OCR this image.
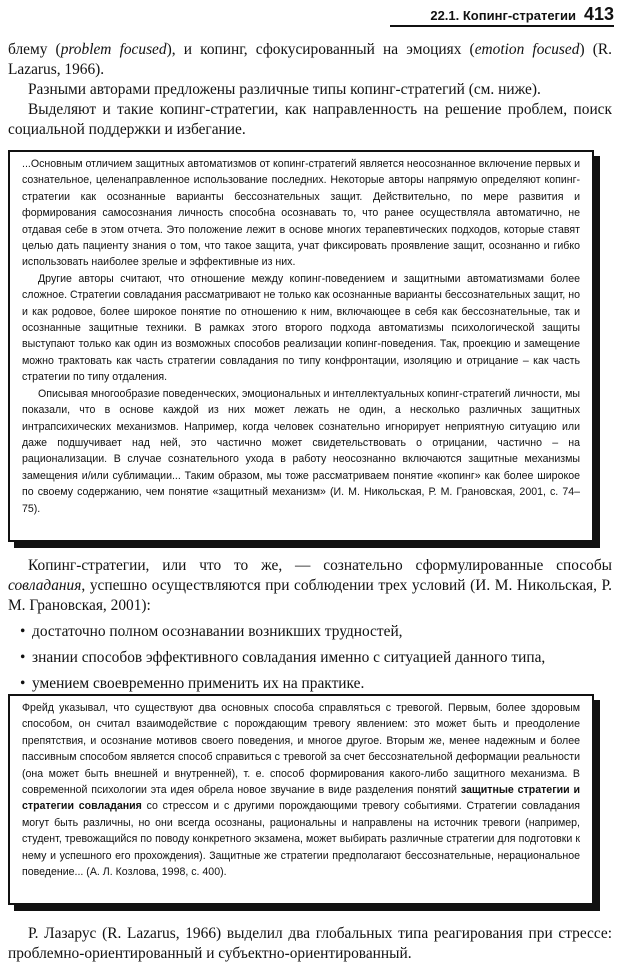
22.1. Копинг-стратегии 413

блему (problem focused), и копинг, сфокусированный на эмоциях (emotion focused) (R. Lazarus, 1966).

Разными авторами предложены различные типы копинг-стратегий (см. ниже).

Выделяют и такие копинг-стратегии, как направленность на решение проблем, поиск социальной поддержки и избегание.

...Основным отличием защитных автоматизмов от копинг-стратегий является неосознанное включение первых и сознательное, целенаправленное использование последних. Некоторые авторы напрямую определяют копинг-стратегии как осознанные варианты бессознательных защит. Действительно, по мере развития и формирования самосознания личность способна осознавать то, что ранее осуществляла автоматично, не отдавая себе в этом отчета. Это положение лежит в основе многих терапевтических подходов, которые ставят целью дать пациенту знания о том, что такое защита, учат фиксировать проявление защит, осознанно и гибко использовать наиболее зрелые и эффективные из них.

Другие авторы считают, что отношение между копинг-поведением и защитными автоматизмами более сложное. Стратегии совладания рассматривают не только как осознанные варианты бессознательных защит, но и как родовое, более широкое понятие по отношению к ним, включающее в себя как бессознательные, так и осознанные защитные техники. В рамках этого второго подхода автоматизмы психологической защиты выступают только как один из возможных способов реализации копинг-поведения. Так, проекцию и замещение можно трактовать как часть стратегии совладания по типу конфронтации, изоляцию и отрицание – как часть стратегии по типу отдаления.

Описывая многообразие поведенческих, эмоциональных и интеллектуальных копинг-стратегий личности, мы показали, что в основе каждой из них может лежать не один, а несколько различных защитных интрапсихических механизмов. Например, когда человек сознательно игнорирует неприятную ситуацию или даже подшучивает над ней, это частично может свидетельствовать о отрицании, частично – на рационализации. В случае сознательного ухода в работу неосознанно включаются защитные механизмы замещения и/или сублимации... Таким образом, мы тоже рассматриваем понятие «копинг» как более широкое по своему содержанию, чем понятие «защитный механизм» (И. М. Никольская, Р. М. Грановская, 2001, с. 74–75).

Копинг-стратегии, или что то же, — сознательно сформулированные способы совладания, успешно осуществляются при соблюдении трех условий (И. М. Никольская, Р. М. Грановская, 2001):

• достаточно полном осознавании возникших трудностей,
• знании способов эффективного совладания именно с ситуацией данного типа,
• умением своевременно применить их на практике.

Фрейд указывал, что существуют два основных способа справляться с тревогой. Первым, более здоровым способом, он считал взаимодействие с порождающим тревогу явлением: это может быть и преодоление препятствия, и осознание мотивов своего поведения, и многое другое. Вторым же, менее надежным и более пассивным способом является способ справиться с тревогой за счет бессознательной деформации реальности (она может быть внешней и внутренней), т. е. способ формирования какого-либо защитного механизма. В современной психологии эта идея обрела новое звучание в виде разделения понятий защитные стратегии и стратегии совладания со стрессом и с другими порождающими тревогу событиями. Стратегии совладания могут быть различны, но они всегда осознаны, рациональны и направлены на источник тревоги (например, студент, тревожащийся по поводу конкретного экзамена, может выбирать различные стратегии для подготовки к нему и успешного его прохождения). Защитные же стратегии предполагают бессознательные, нерациональное поведение... (А. Л. Козлова, 1998, с. 400).

Р. Лазарус (R. Lazarus, 1966) выделил два глобальных типа реагирования при стрессе: проблемно-ориентированный и субъектно-ориентированный.
